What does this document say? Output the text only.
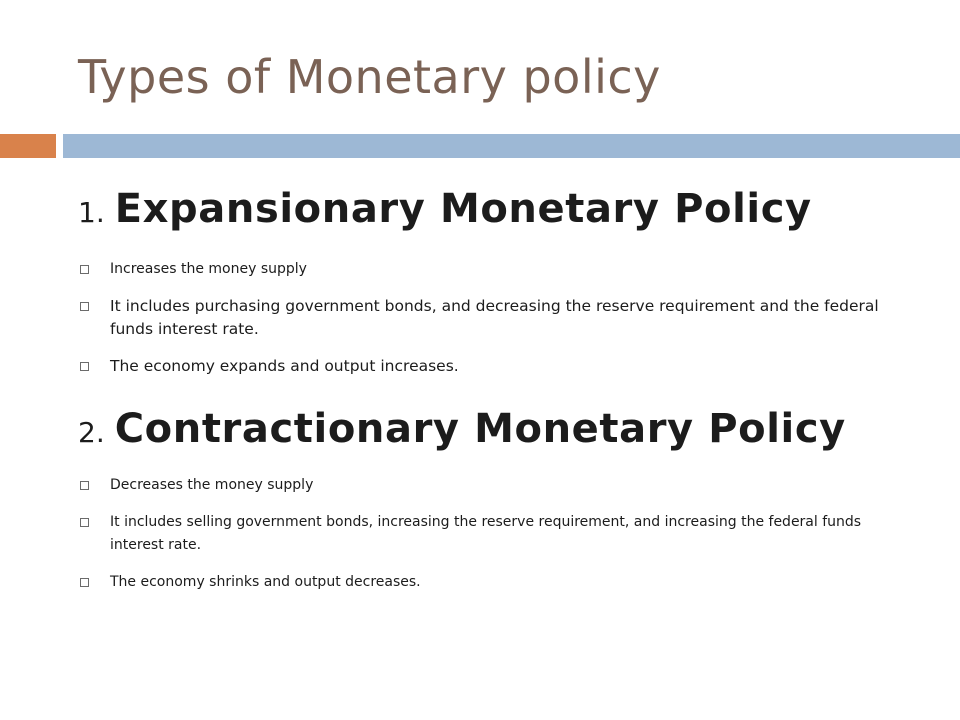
Types of Monetary policy
1. Expansionary Monetary Policy
Increases the money supply
It includes purchasing government bonds, and decreasing the reserve requirement and the federal funds interest rate.
The economy expands and output increases.
2. Contractionary Monetary Policy
Decreases the money supply
It includes selling government bonds, increasing the reserve requirement, and increasing the federal funds interest rate.
The economy shrinks and output decreases.
